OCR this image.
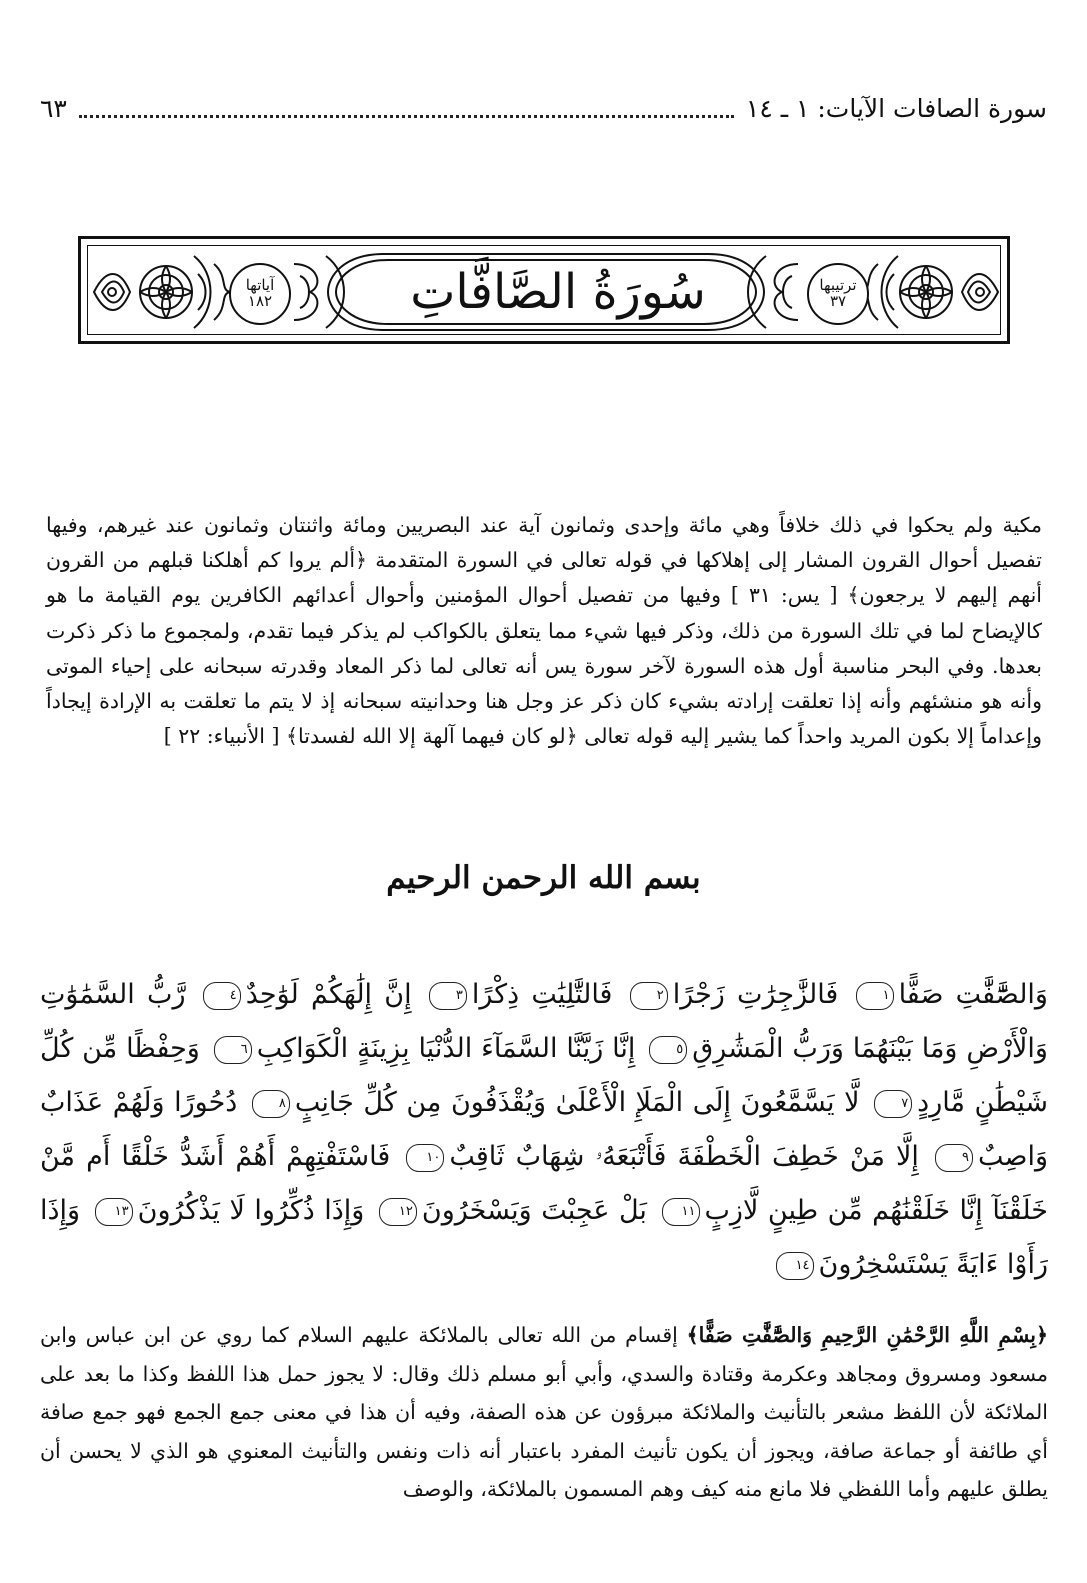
سورة الصافات الآيات: ١ ـ ١٤
٦٣
آياتها
١٨٢	سُورَةُ الصَّافَّاتِ	ترتيبها
٣٧

مكية ولم يحكوا في ذلك خلافاً وهي مائة وإحدى وثمانون آية عند البصريين ومائة واثنتان وثمانون عند غيرهم، وفيها تفصيل أحوال القرون المشار إلى إهلاكها في قوله تعالى في السورة المتقدمة ﴿ألم يروا كم أهلكنا قبلهم من القرون أنهم إليهم لا يرجعون﴾ [ يس: ٣١ ] وفيها من تفصيل أحوال المؤمنين وأحوال أعدائهم الكافرين يوم القيامة ما هو كالإيضاح لما في تلك السورة من ذلك، وذكر فيها شيء مما يتعلق بالكواكب لم يذكر فيما تقدم، ولمجموع ما ذكر ذكرت بعدها. وفي البحر مناسبة أول هذه السورة لآخر سورة يس أنه تعالى لما ذكر المعاد وقدرته سبحانه على إحياء الموتى وأنه هو منشئهم وأنه إذا تعلقت إرادته بشيء كان ذكر عز وجل هنا وحدانيته سبحانه إذ لا يتم ما تعلقت به الإرادة إيجاداً وإعداماً إلا بكون المريد واحداً كما يشير إليه قوله تعالى ﴿لو كان فيهما آلهة إلا الله لفسدتا﴾ [ الأنبياء: ٢٢ ]

بسم الله الرحمن الرحيم
وَالصَّٰٓفَّٰتِ صَفًّا١ فَالزَّٰجِرَٰتِ زَجْرًا٢ فَالتَّٰلِيَٰتِ ذِكْرًا٣ إِنَّ إِلَٰهَكُمْ لَوَٰحِدٌ٤ رَّبُّ السَّمَٰوَٰتِ وَالْأَرْضِ وَمَا بَيْنَهُمَا وَرَبُّ الْمَشَٰرِقِ٥ إِنَّا زَيَّنَّا السَّمَآءَ الدُّنْيَا بِزِينَةٍ الْكَوَاكِبِ٦ وَحِفْظًا مِّن كُلِّ شَيْطَٰنٍ مَّارِدٍ٧ لَّا يَسَّمَّعُونَ إِلَى الْمَلَإِ الْأَعْلَىٰ وَيُقْذَفُونَ مِن كُلِّ جَانِبٍ٨ دُحُورًا وَلَهُمْ عَذَابٌ وَاصِبٌ٩ إِلَّا مَنْ خَطِفَ الْخَطْفَةَ فَأَتْبَعَهُۥ شِهَابٌ ثَاقِبٌ١٠ فَاسْتَفْتِهِمْ أَهُمْ أَشَدُّ خَلْقًا أَم مَّنْ خَلَقْنَآ إِنَّا خَلَقْنَٰهُم مِّن طِينٍ لَّازِبٍ١١ بَلْ عَجِبْتَ وَيَسْخَرُونَ١٢ وَإِذَا ذُكِّرُوا لَا يَذْكُرُونَ١٣ وَإِذَا رَأَوْا ءَايَةً يَسْتَسْخِرُونَ١٤

﴿بِسْمِ اللَّهِ الرَّحْمَٰنِ الرَّحِيمِ وَالصَّٰٓفَّٰتِ صَفًّا﴾ إقسام من الله تعالى بالملائكة عليهم السلام كما روي عن ابن عباس وابن مسعود ومسروق ومجاهد وعكرمة وقتادة والسدي، وأبي أبو مسلم ذلك وقال: لا يجوز حمل هذا اللفظ وكذا ما بعد على الملائكة لأن اللفظ مشعر بالتأنيث والملائكة مبرؤون عن هذه الصفة، وفيه أن هذا في معنى جمع الجمع فهو جمع صافة أي طائفة أو جماعة صافة، ويجوز أن يكون تأنيث المفرد باعتبار أنه ذات ونفس والتأنيث المعنوي هو الذي لا يحسن أن يطلق عليهم وأما اللفظي فلا مانع منه كيف وهم المسمون بالملائكة، والوصف
